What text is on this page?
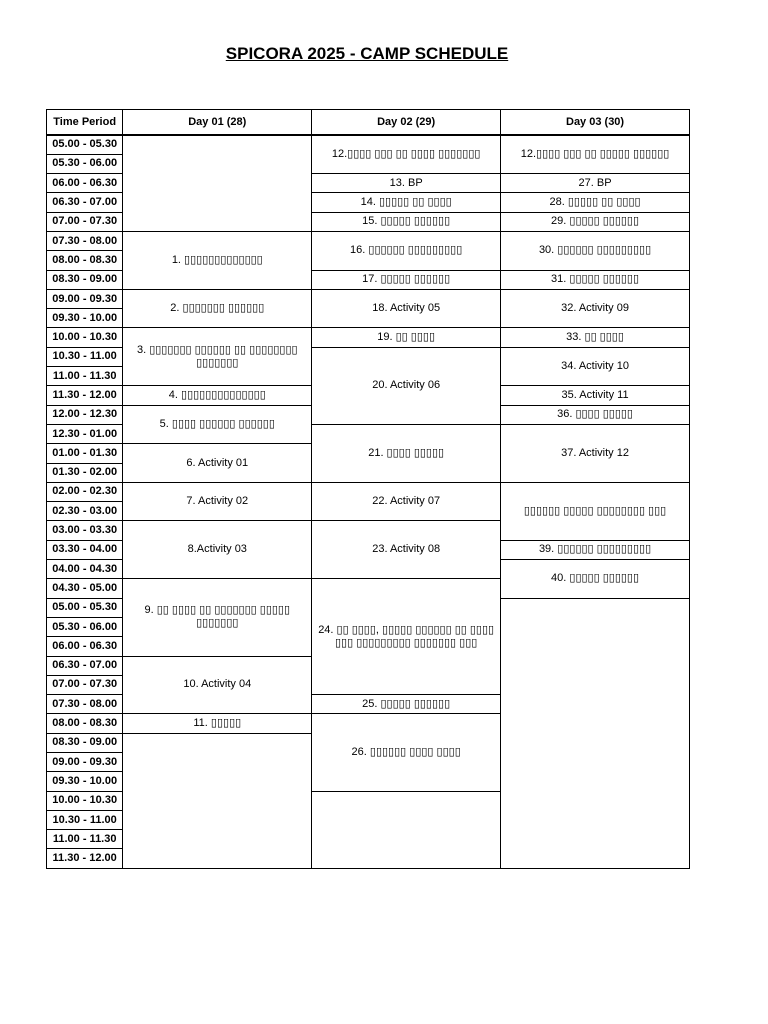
SPICORA 2025 - CAMP SCHEDULE
Time Period	Day 01 (28)	Day 02 (29)	Day 03 (30)
05.00 - 05.30		12.▯▯▯▯ ▯▯▯ ▯▯ ▯▯▯▯ ▯▯▯▯▯▯▯	12.▯▯▯▯ ▯▯▯ ▯▯ ▯▯▯▯▯ ▯▯▯▯▯▯
05.30 - 06.00			
06.00 - 06.30		13. BP	27. BP
06.30 - 07.00		14. ▯▯▯▯▯ ▯▯ ▯▯▯▯	28. ▯▯▯▯▯ ▯▯ ▯▯▯▯
07.00 - 07.30		15. ▯▯▯▯▯ ▯▯▯▯▯▯	29. ▯▯▯▯▯ ▯▯▯▯▯▯
07.30 - 08.00	1. ▯▯▯▯▯▯▯▯▯▯▯▯▯	16. ▯▯▯▯▯▯ ▯▯▯▯▯▯▯▯▯	30. ▯▯▯▯▯▯ ▯▯▯▯▯▯▯▯▯
08.00 - 08.30			
08.30 - 09.00		17. ▯▯▯▯▯ ▯▯▯▯▯▯	31. ▯▯▯▯▯ ▯▯▯▯▯▯
09.00 - 09.30	2. ▯▯▯▯▯▯▯ ▯▯▯▯▯▯	18. Activity 05	32. Activity 09
09.30 - 10.00			
10.00 - 10.30	3. ▯▯▯▯▯▯▯ ▯▯▯▯▯▯ ▯▯ ▯▯▯▯▯▯▯▯ ▯▯▯▯▯▯▯	19. ▯▯ ▯▯▯▯	33. ▯▯ ▯▯▯▯
10.30 - 11.00		20. Activity 06	34. Activity 10
11.00 - 11.30			
11.30 - 12.00	4. ▯▯▯▯▯▯▯▯▯▯▯▯▯▯		35. Activity 11
12.00 - 12.30	5. ▯▯▯▯ ▯▯▯▯▯▯ ▯▯▯▯▯▯		36. ▯▯▯▯ ▯▯▯▯▯
12.30 - 01.00		21. ▯▯▯▯ ▯▯▯▯▯	37. Activity 12
01.00 - 01.30	6. Activity 01		
01.30 - 02.00			
02.00 - 02.30	7. Activity 02	22. Activity 07	▯▯▯▯▯▯ ▯▯▯▯▯ ▯▯▯▯▯▯▯▯ ▯▯▯
02.30 - 03.00			
03.00 - 03.30	8.Activity 03	23. Activity 08	
03.30 - 04.00			39. ▯▯▯▯▯▯ ▯▯▯▯▯▯▯▯▯
04.00 - 04.30			40. ▯▯▯▯▯ ▯▯▯▯▯▯
04.30 - 05.00	9. ▯▯ ▯▯▯▯ ▯▯ ▯▯▯▯▯▯▯ ▯▯▯▯▯ ▯▯▯▯▯▯▯	24. ▯▯ ▯▯▯▯, ▯▯▯▯▯ ▯▯▯▯▯▯ ▯▯ ▯▯▯▯ ▯▯▯ ▯▯▯▯▯▯▯▯▯ ▯▯▯▯▯▯▯ ▯▯▯	
05.00 - 05.30			
05.30 - 06.00			
06.00 - 06.30			
06.30 - 07.00	10. Activity 04		
07.00 - 07.30			
07.30 - 08.00		25. ▯▯▯▯▯ ▯▯▯▯▯▯	
08.00 - 08.30	11. ▯▯▯▯▯	26. ▯▯▯▯▯▯ ▯▯▯▯ ▯▯▯▯	
08.30 - 09.00			
09.00 - 09.30			
09.30 - 10.00			
10.00 - 10.30			
10.30 - 11.00			
11.00 - 11.30			
11.30 - 12.00			
